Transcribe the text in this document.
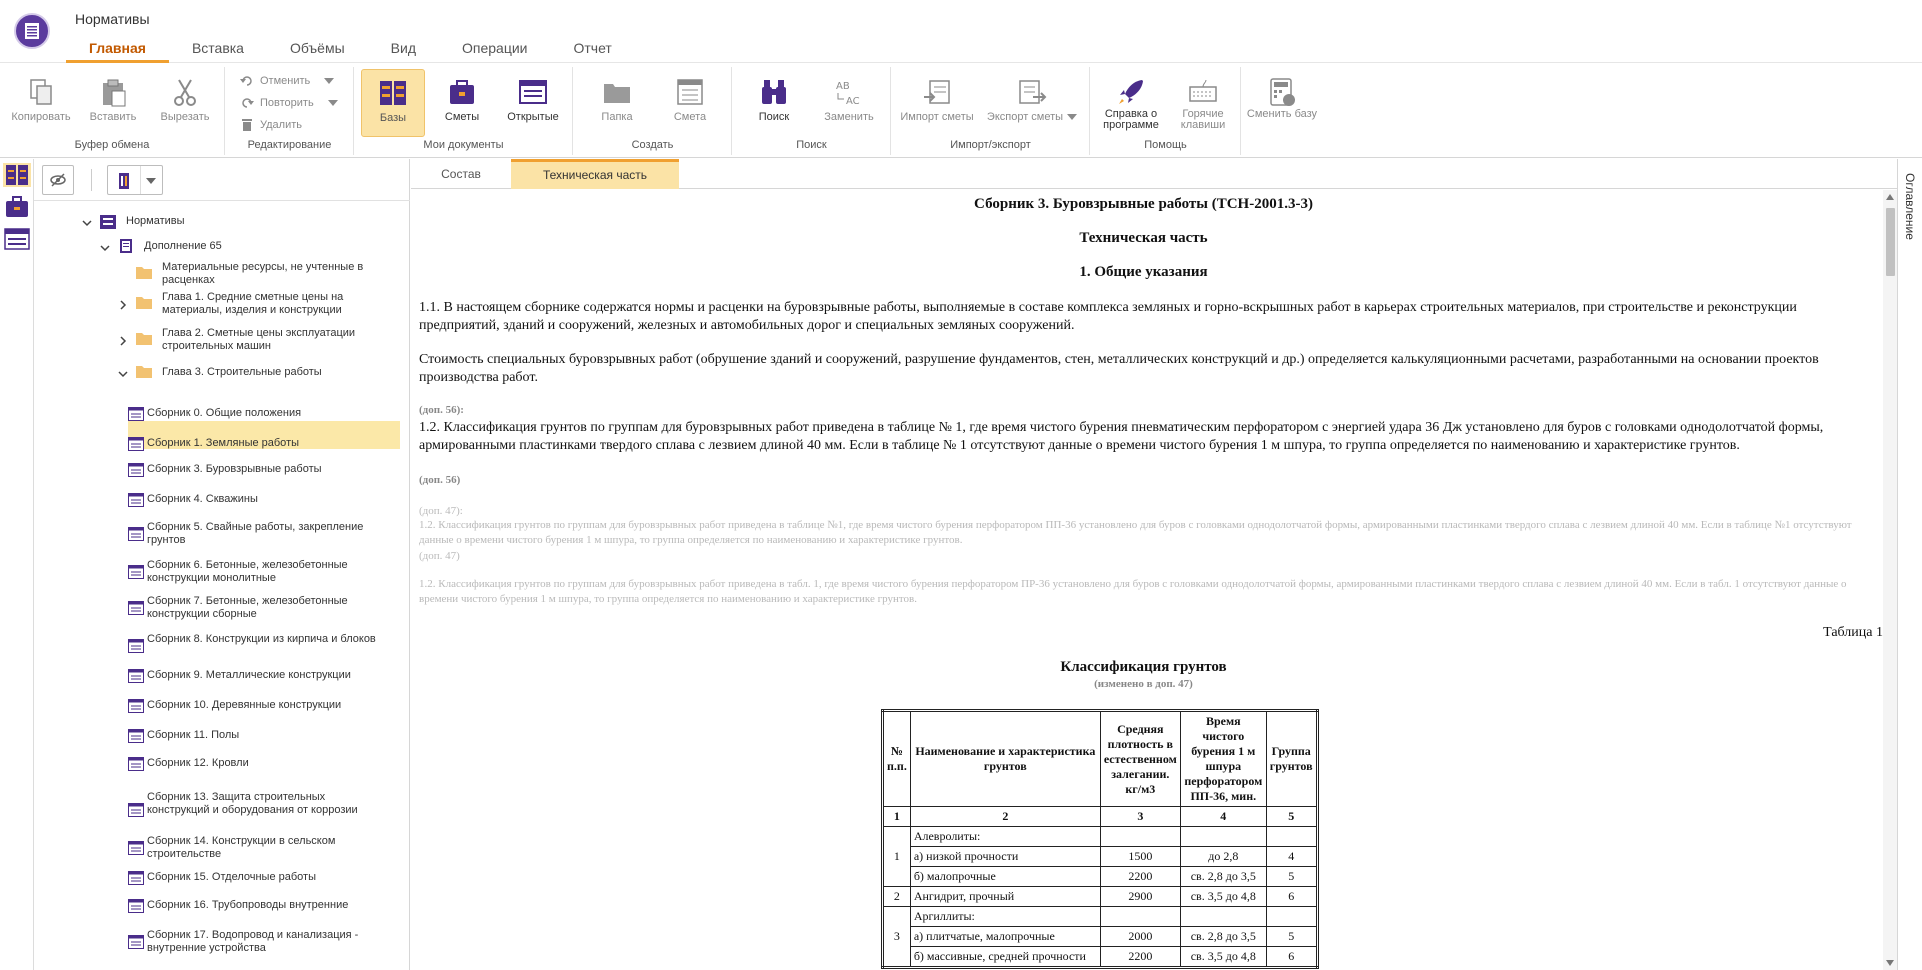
Нормативы
Главная	Вставка	Объёмы	Вид	Операции	Отчет
Копировать	Вставить	Вырезать
Буфер обмена
Отменить
Повторить
Удалить
Редактирование
Базы	Сметы	Открытые
Мои документы
Папка	Смета
Создать
Поиск
AB
AC
Заменить
Поиск
Импорт сметы	Экспорт сметы
Импорт/экспорт
Справка о программе
Горячие клавиши
Помощь
Сменить базу
Нормативы
Дополнение 65
Материальные ресурсы, не учтенные в расценках
Глава 1. Средние сметные цены на материалы, изделия и конструкции
Глава 2. Сметные цены эксплуатации строительных машин
Глава 3. Строительные работы
Сборник 0. Общие положения
Сборник 1. Земляные работы
Сборник 3. Буровзрывные работы
Сборник 4. Скважины
Сборник 5. Свайные работы, закрепление грунтов
Сборник 6. Бетонные, железобетонные конструкции монолитные
Сборник 7. Бетонные, железобетонные конструкции сборные
Сборник 8. Конструкции из кирпича и блоков
Сборник 9. Металлические конструкции
Сборник 10. Деревянные конструкции
Сборник 11. Полы
Сборник 12. Кровли
Сборник 13. Защита строительных конструкций и оборудования от коррозии
Сборник 14. Конструкции в сельском строительстве
Сборник 15. Отделочные работы
Сборник 16. Трубопроводы внутренние
Сборник 17. Водопровод и канализация - внутренние устройства
Состав	Техническая часть
Сборник 3. Буровзрывные работы (ТСН-2001.3-3)
Техническая часть
1. Общие указания
1.1. В настоящем сборнике содержатся нормы и расценки на буровзрывные работы, выполняемые в составе комплекса земляных и горно-вскрышных работ в карьерах строительных материалов, при строительстве и реконструкции предприятий, зданий и сооружений, железных и автомобильных дорог и специальных земляных сооружений.
Стоимость специальных буровзрывных работ (обрушение зданий и сооружений, разрушение фундаментов, стен, металлических конструкций и др.) определяется калькуляционными расчетами, разработанными на основании проектов производства работ.
(доп. 56):
1.2. Классификация грунтов по группам для буровзрывных работ приведена в таблице № 1, где время чистого бурения пневматическим перфоратором с энергией удара 36 Дж установлено для буров с головками однодолотчатой формы, армированными пластинками твердого сплава с лезвием длиной 40 мм. Если в таблице № 1 отсутствуют данные о времени чистого бурения 1 м шпура, то группа определяется по наименованию и характеристике грунтов.
(доп. 56)
(доп. 47):
1.2. Классификация грунтов по группам для буровзрывных работ приведена в таблице №1, где время чистого бурения перфоратором ПП-36 установлено для буров с головками однодолотчатой формы, армированными пластинками твердого сплава с лезвием длиной 40 мм. Если в таблице №1 отсутствуют данные о времени чистого бурения 1 м шпура, то группа определяется по наименованию и характеристике грунтов.
(доп. 47)
1.2. Классификация грунтов по группам для буровзрывных работ приведена в табл. 1, где время чистого бурения перфоратором ПР-36 установлено для буров с головками однодолотчатой формы, армированными пластинками твердого сплава с лезвием длиной 40 мм. Если в табл. 1 отсутствуют данные о времени чистого бурения 1 м шпура, то группа определяется по наименованию и характеристике грунтов.
Таблица 1
Классификация грунтов
(изменено в доп. 47)
№ п.п.	Наименование и характеристика грунтов	Средняя плотность в естественном залегании. кг/м3	Время чистого бурения 1 м шпура перфоратором ПП-36, мин.	Группа грунтов
1	2	3	4	5
1	Алевролиты:			
	а) низкой прочности	1500	до 2,8	4
	б) малопрочные	2200	св. 2,8 до 3,5	5
2	Ангидрит, прочный	2900	св. 3,5 до 4,8	6
3	Аргиллиты:			
	а) плитчатые, малопрочные	2000	св. 2,8 до 3,5	5
	б) массивные, средней прочности	2200	св. 3,5 до 4,8	6
Оглавление
